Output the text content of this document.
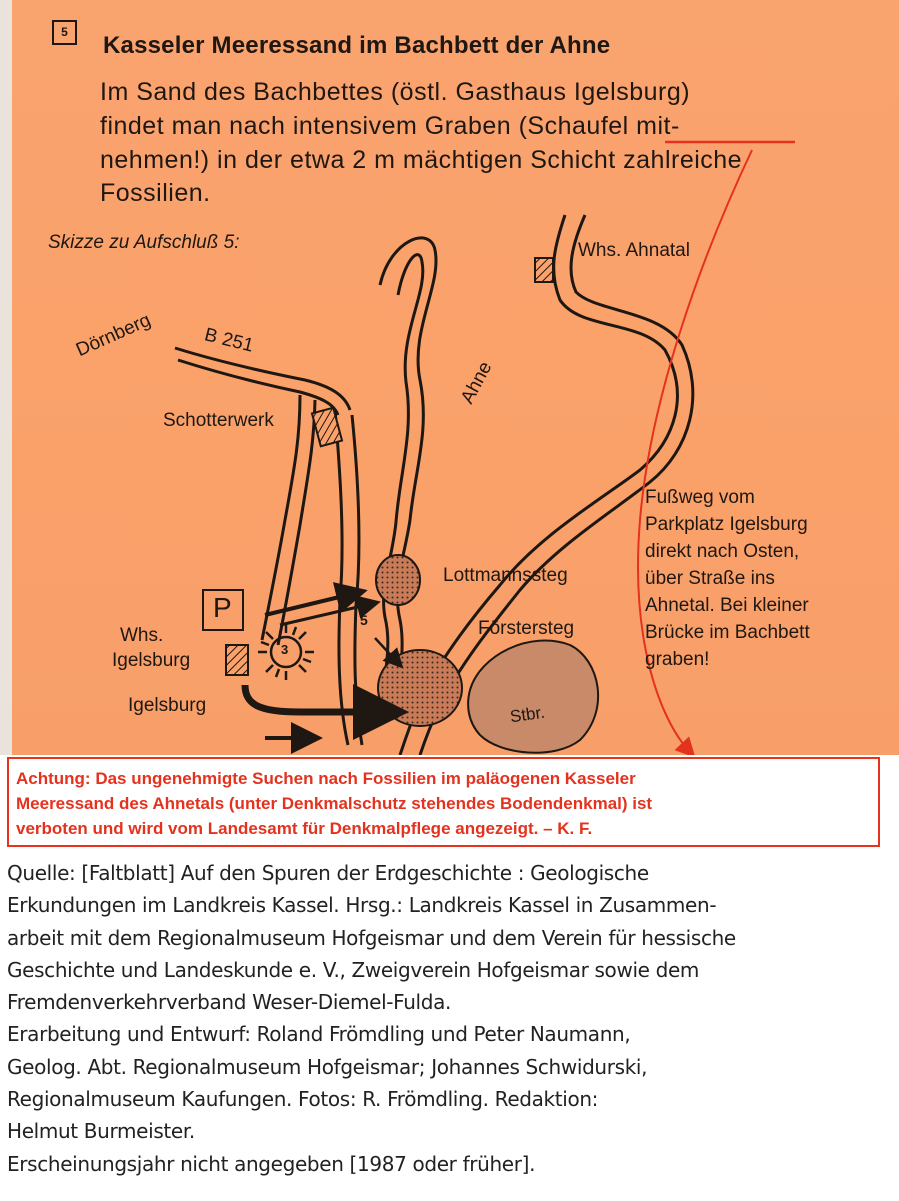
5	Kasseler Meeressand im Bachbett der Ahne
Im Sand des Bachbettes (östl. Gasthaus Igelsburg)
findet man nach intensivem Graben (Schaufel mit-
nehmen!) in der etwa 2 m mächtigen Schicht zahlreiche
Fossilien.
Skizze zu Aufschluß 5:	Whs. Ahnatal
Dörnberg	B 251
Ahne
Schotterwerk
Lottmannssteg
Förstersteg
P
Whs.
Igelsburg
Igelsburg	Stbr.
5
3
Fußweg vom
Parkplatz Igelsburg
direkt nach Osten,
über Straße ins
Ahnetal. Bei kleiner
Brücke im Bachbett
graben!
Achtung: Das ungenehmigte Suchen nach Fossilien im paläogenen Kasseler
Meeressand des Ahnetals (unter Denkmalschutz stehendes Bodendenkmal) ist
verboten und wird vom Landesamt für Denkmalpflege angezeigt. – K. F.
Quelle: [Faltblatt] Auf den Spuren der Erdgeschichte : Geologische
Erkundungen im Landkreis Kassel. Hrsg.: Landkreis Kassel in Zusammen-
arbeit mit dem Regionalmuseum Hofgeismar und dem Verein für hessische
Geschichte und Landeskunde e. V., Zweigverein Hofgeismar sowie dem
Fremdenverkehrverband Weser-Diemel-Fulda.
Erarbeitung und Entwurf: Roland Frömdling und Peter Naumann,
Geolog. Abt. Regionalmuseum Hofgeismar; Johannes Schwidurski,
Regionalmuseum Kaufungen. Fotos: R. Frömdling. Redaktion:
Helmut Burmeister.
Erscheinungsjahr nicht angegeben [1987 oder früher].
